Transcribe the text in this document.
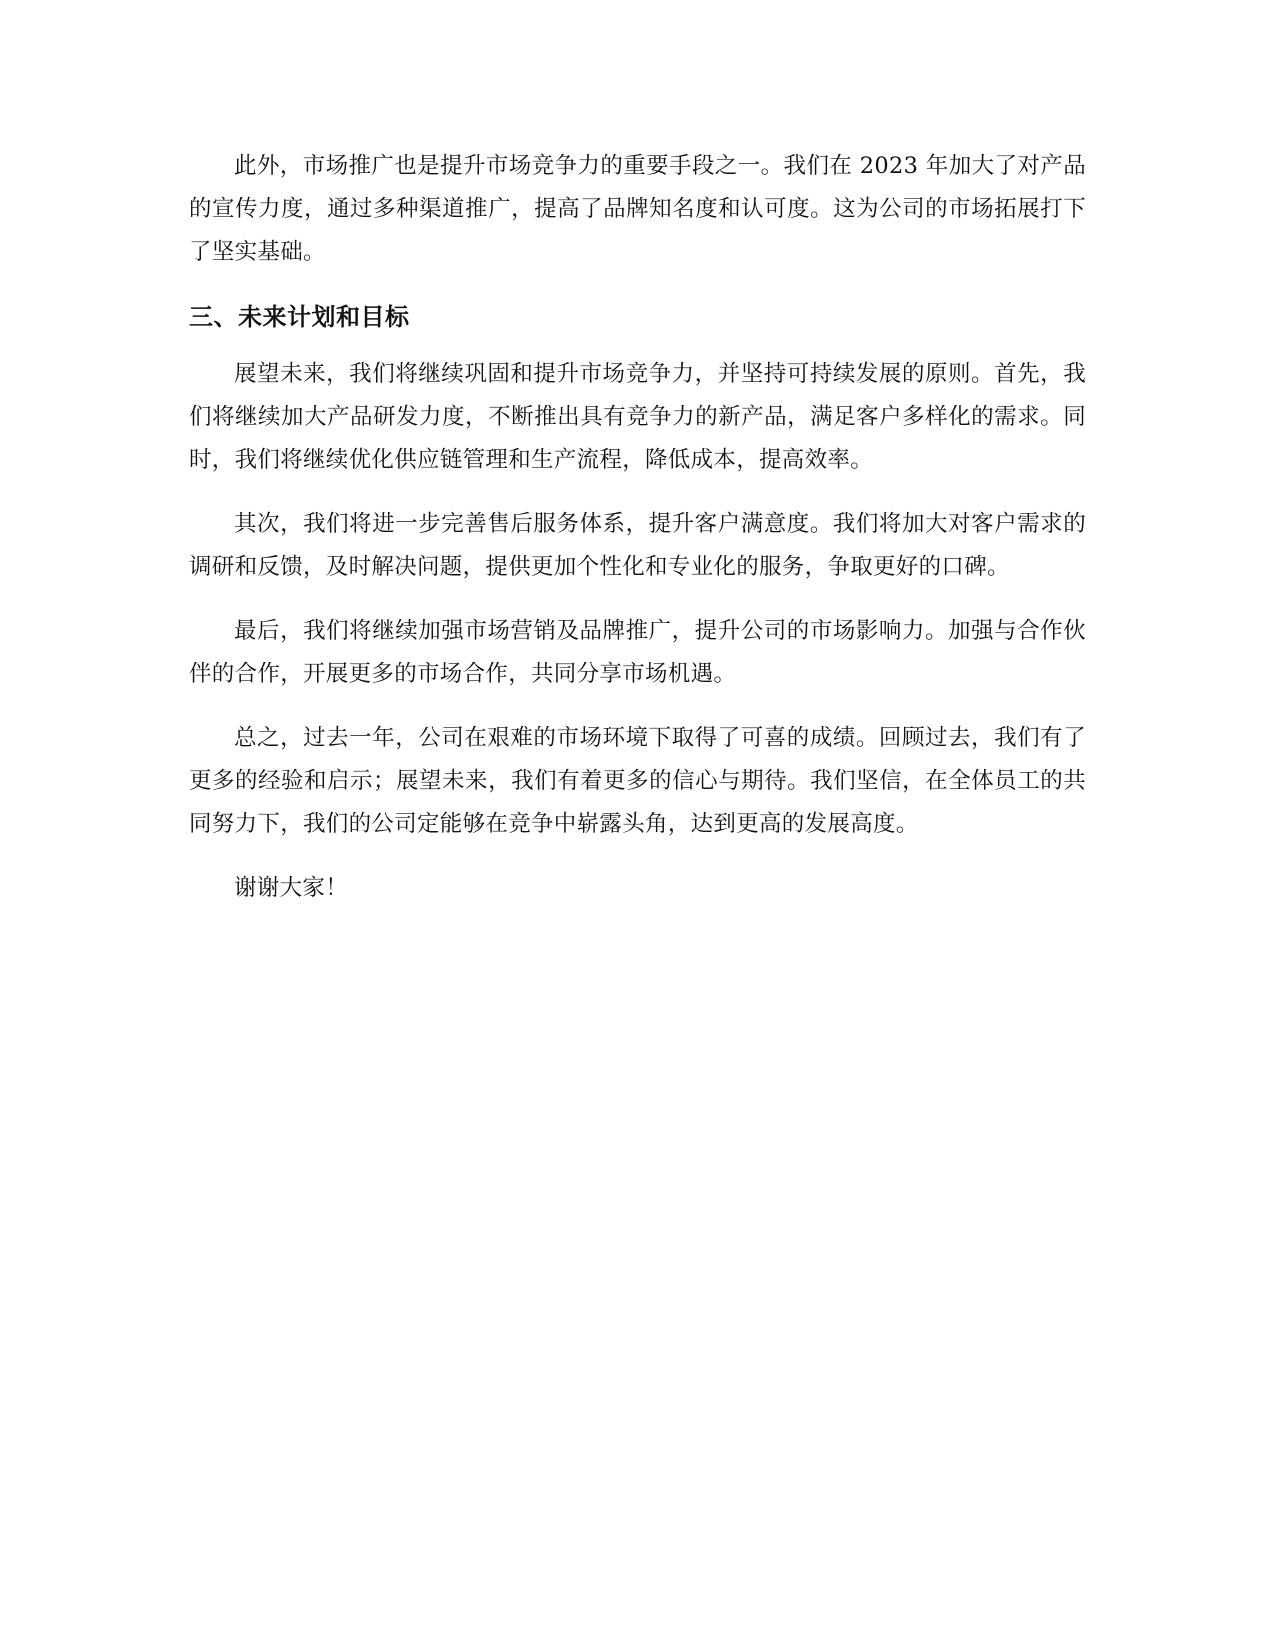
此外，市场推广也是提升市场竞争力的重要手段之一。我们在 2023 年加大了对产品的宣传力度，通过多种渠道推广，提高了品牌知名度和认可度。这为公司的市场拓展打下了坚实基础。

三、未来计划和目标

展望未来，我们将继续巩固和提升市场竞争力，并坚持可持续发展的原则。首先，我们将继续加大产品研发力度，不断推出具有竞争力的新产品，满足客户多样化的需求。同时，我们将继续优化供应链管理和生产流程，降低成本，提高效率。

其次，我们将进一步完善售后服务体系，提升客户满意度。我们将加大对客户需求的调研和反馈，及时解决问题，提供更加个性化和专业化的服务，争取更好的口碑。

最后，我们将继续加强市场营销及品牌推广，提升公司的市场影响力。加强与合作伙伴的合作，开展更多的市场合作，共同分享市场机遇。

总之，过去一年，公司在艰难的市场环境下取得了可喜的成绩。回顾过去，我们有了更多的经验和启示；展望未来，我们有着更多的信心与期待。我们坚信，在全体员工的共同努力下，我们的公司定能够在竞争中崭露头角，达到更高的发展高度。

谢谢大家！
